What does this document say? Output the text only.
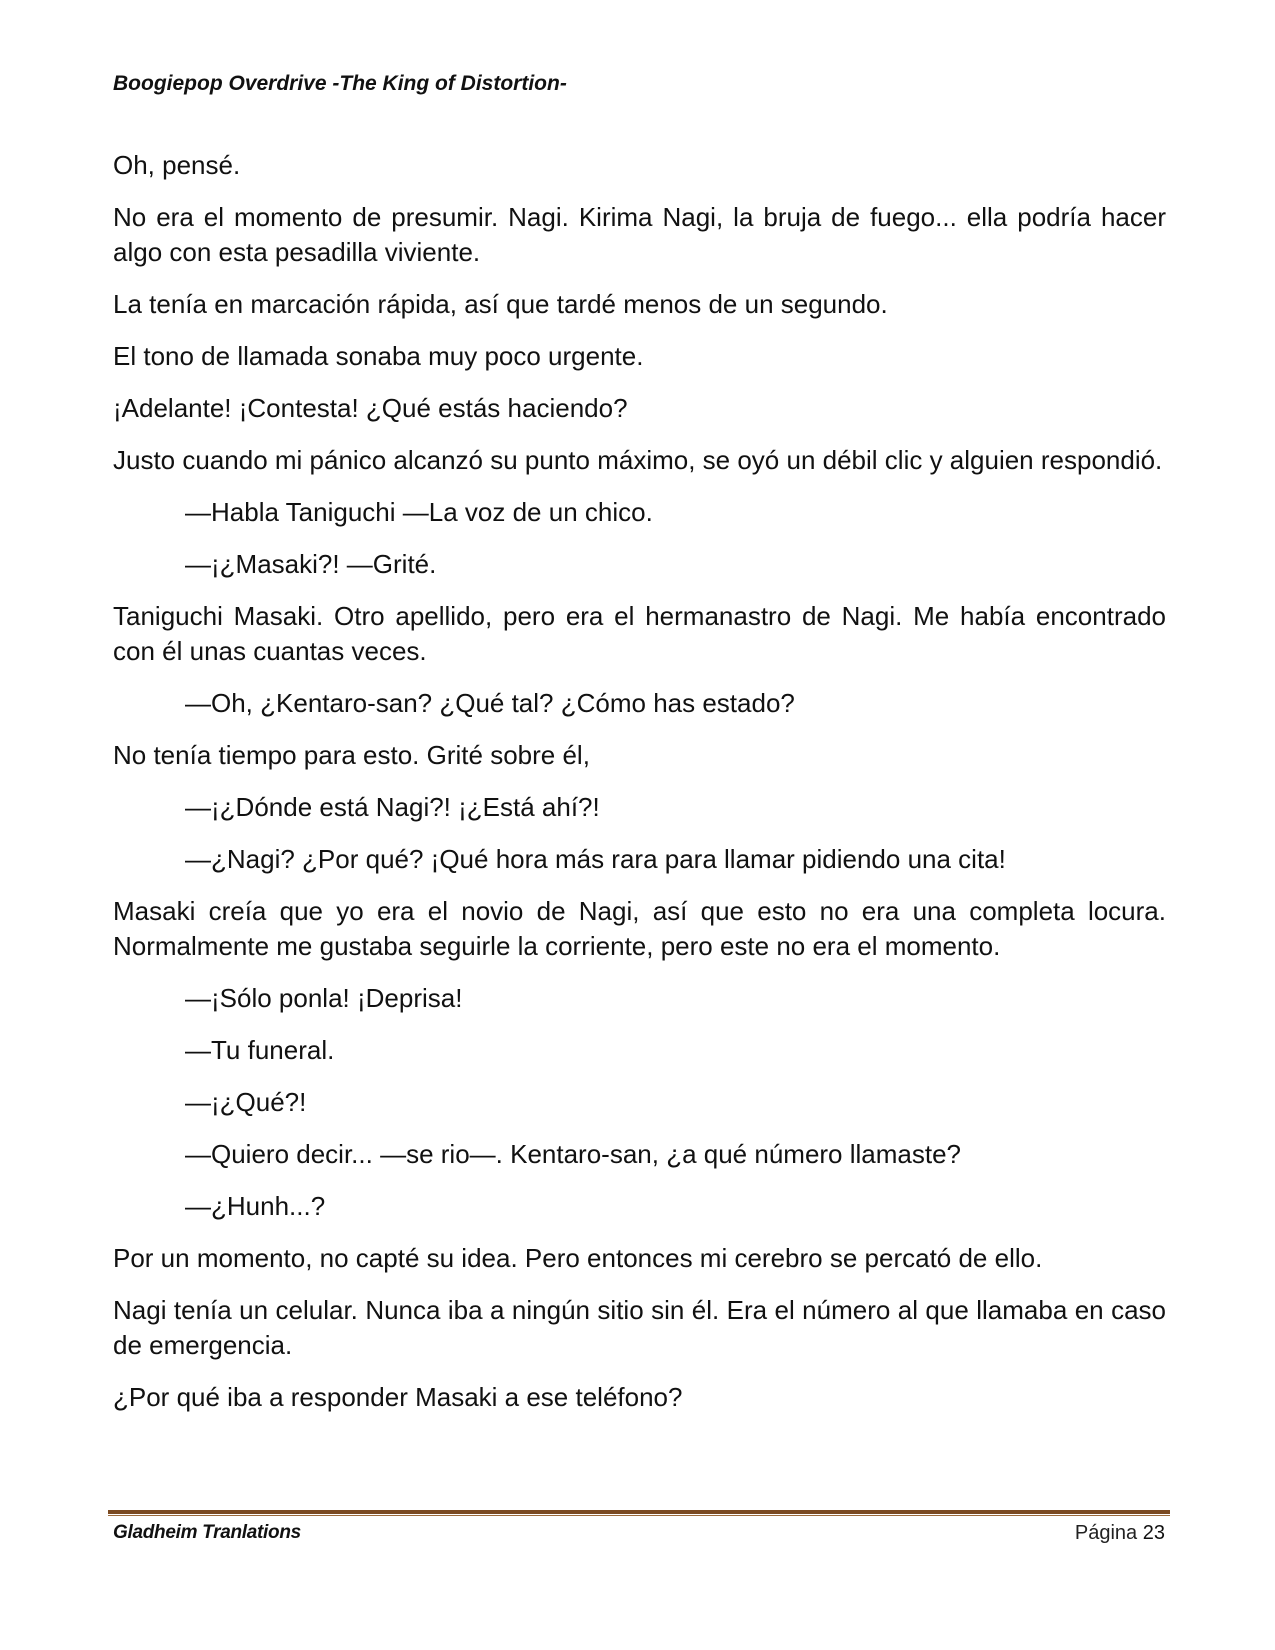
Boogiepop Overdrive -The King of Distortion-

Oh, pensé.

No era el momento de presumir. Nagi. Kirima Nagi, la bruja de fuego... ella podría hacer algo con esta pesadilla viviente.

La tenía en marcación rápida, así que tardé menos de un segundo.

El tono de llamada sonaba muy poco urgente.

¡Adelante! ¡Contesta! ¿Qué estás haciendo?

Justo cuando mi pánico alcanzó su punto máximo, se oyó un débil clic y alguien respondió.

—Habla Taniguchi —La voz de un chico.

—¡¿Masaki?! —Grité.

Taniguchi Masaki. Otro apellido, pero era el hermanastro de Nagi. Me había encontrado con él unas cuantas veces.

—Oh, ¿Kentaro-san? ¿Qué tal? ¿Cómo has estado?

No tenía tiempo para esto. Grité sobre él,

—¡¿Dónde está Nagi?! ¡¿Está ahí?!

—¿Nagi? ¿Por qué? ¡Qué hora más rara para llamar pidiendo una cita!

Masaki creía que yo era el novio de Nagi, así que esto no era una completa locura. Normalmente me gustaba seguirle la corriente, pero este no era el momento.

—¡Sólo ponla! ¡Deprisa!

—Tu funeral.

—¡¿Qué?!

—Quiero decir... —se rio—. Kentaro-san, ¿a qué número llamaste?

—¿Hunh...?

Por un momento, no capté su idea. Pero entonces mi cerebro se percató de ello.

Nagi tenía un celular. Nunca iba a ningún sitio sin él. Era el número al que llamaba en caso de emergencia.

¿Por qué iba a responder Masaki a ese teléfono?

Gladheim Tranlations	Página 23
